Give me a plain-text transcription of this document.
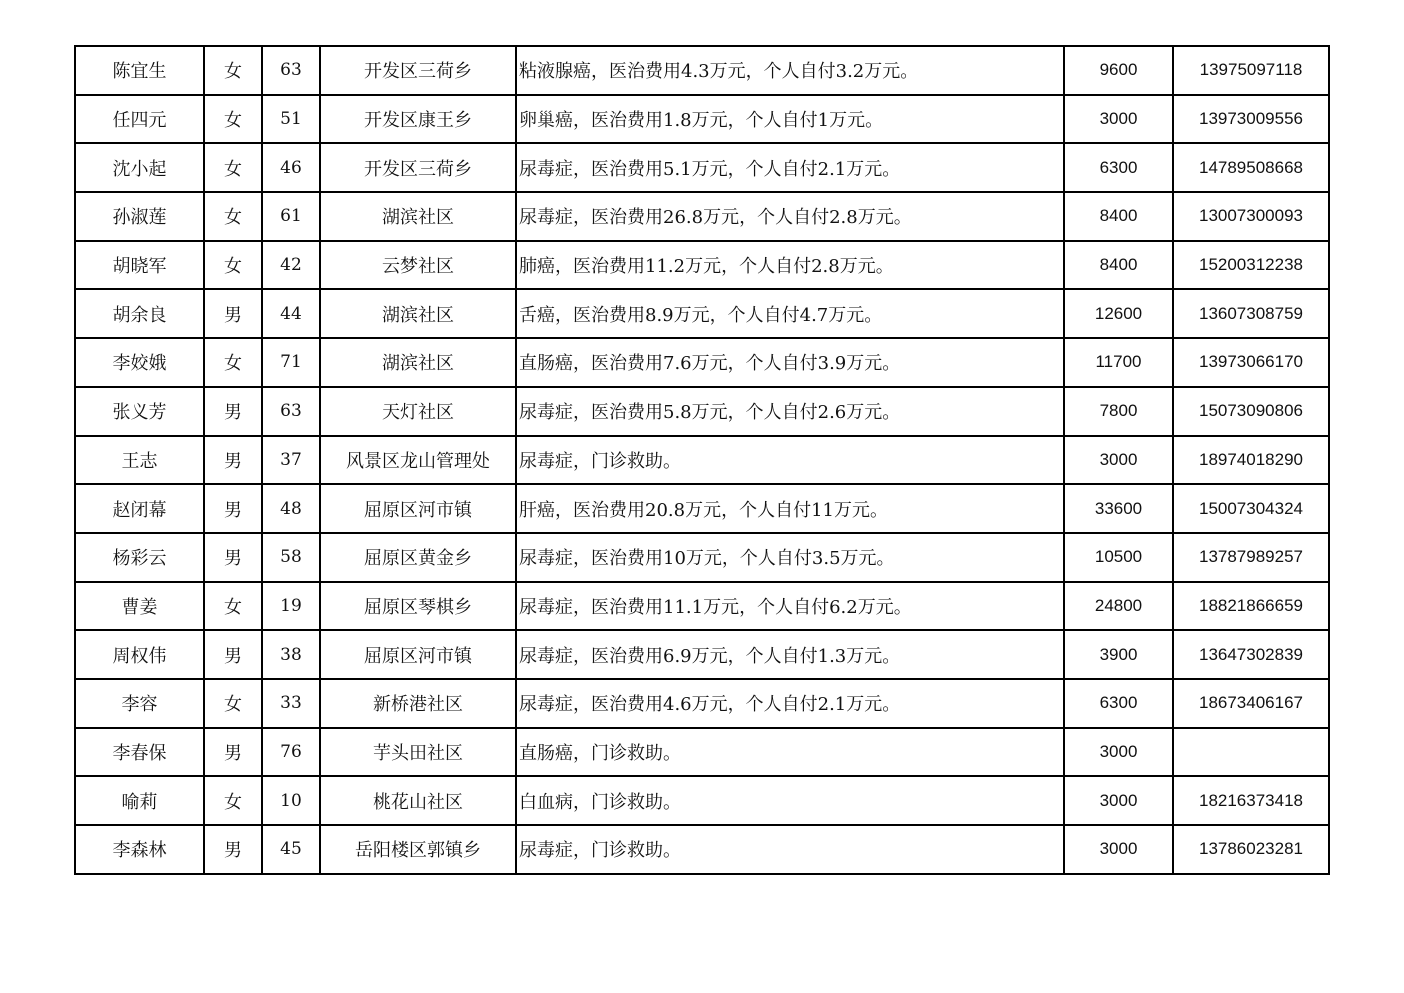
陈宜生	女	63	开发区三荷乡	粘液腺癌，医治费用4.3万元，个人自付3.2万元。	9600	13975097118
任四元	女	51	开发区康王乡	卵巢癌，医治费用1.8万元，个人自付1万元。	3000	13973009556
沈小起	女	46	开发区三荷乡	尿毒症，医治费用5.1万元，个人自付2.1万元。	6300	14789508668
孙淑莲	女	61	湖滨社区	尿毒症，医治费用26.8万元，个人自付2.8万元。	8400	13007300093
胡晓军	女	42	云梦社区	肺癌，医治费用11.2万元，个人自付2.8万元。	8400	15200312238
胡余良	男	44	湖滨社区	舌癌，医治费用8.9万元，个人自付4.7万元。	12600	13607308759
李姣娥	女	71	湖滨社区	直肠癌，医治费用7.6万元，个人自付3.9万元。	11700	13973066170
张义芳	男	63	天灯社区	尿毒症，医治费用5.8万元，个人自付2.6万元。	7800	15073090806
王志	男	37	风景区龙山管理处	尿毒症，门诊救助。	3000	18974018290
赵闭幕	男	48	屈原区河市镇	肝癌，医治费用20.8万元，个人自付11万元。	33600	15007304324
杨彩云	男	58	屈原区黄金乡	尿毒症，医治费用10万元，个人自付3.5万元。	10500	13787989257
曹姜	女	19	屈原区琴棋乡	尿毒症，医治费用11.1万元，个人自付6.2万元。	24800	18821866659
周权伟	男	38	屈原区河市镇	尿毒症，医治费用6.9万元，个人自付1.3万元。	3900	13647302839
李容	女	33	新桥港社区	尿毒症，医治费用4.6万元，个人自付2.1万元。	6300	18673406167
李春保	男	76	芋头田社区	直肠癌，门诊救助。	3000	
喻莉	女	10	桃花山社区	白血病，门诊救助。	3000	18216373418
李森林	男	45	岳阳楼区郭镇乡	尿毒症，门诊救助。	3000	13786023281
